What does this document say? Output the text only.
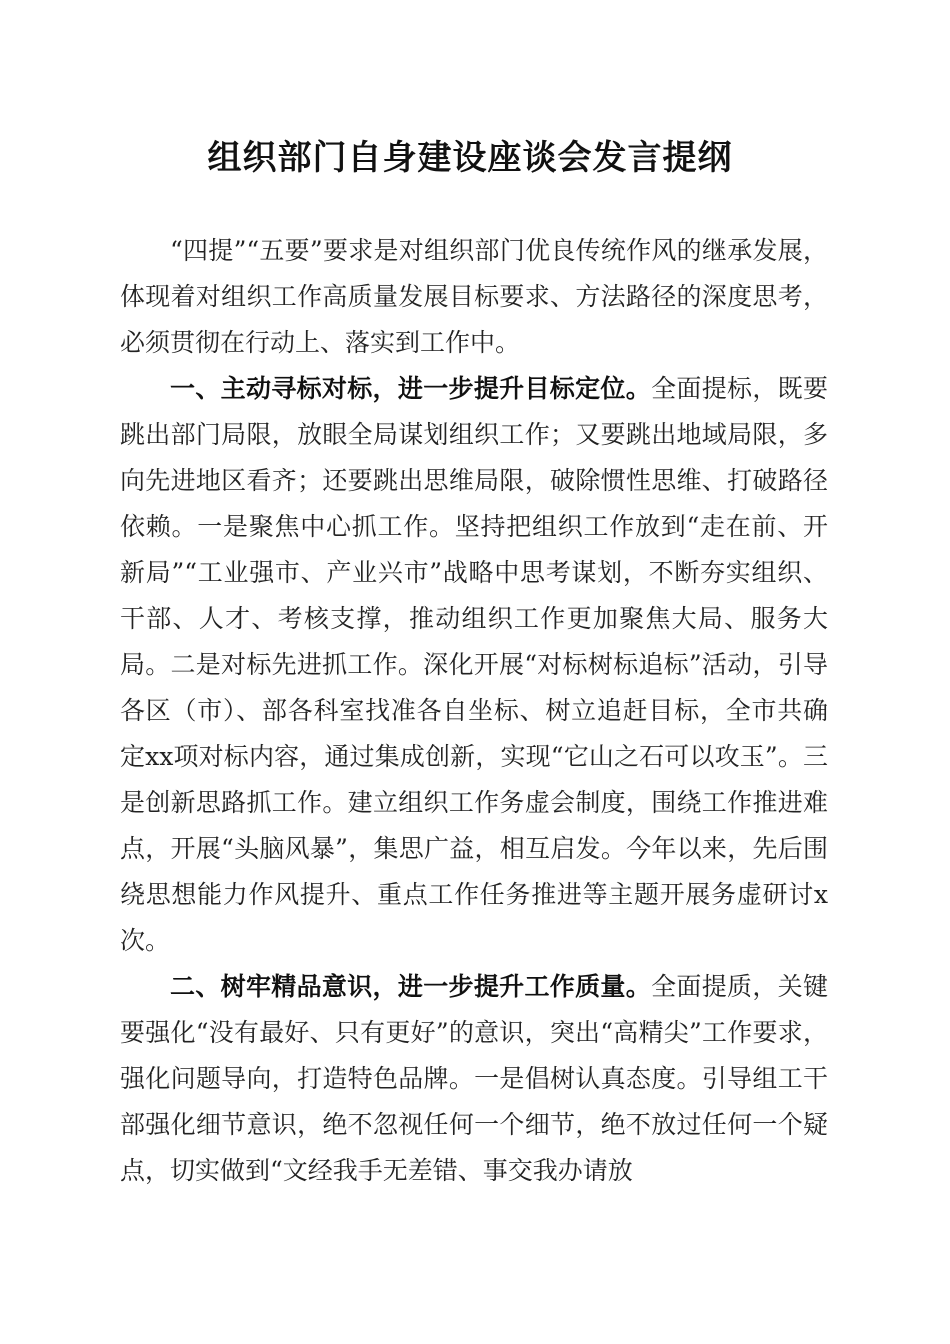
组织部门自身建设座谈会发言提纲

“四提”“五要”要求是对组织部门优良传统作风的继承发展，体现着对组织工作高质量发展目标要求、方法路径的深度思考，必须贯彻在行动上、落实到工作中。

一、主动寻标对标，进一步提升目标定位。全面提标，既要跳出部门局限，放眼全局谋划组织工作；又要跳出地域局限，多向先进地区看齐；还要跳出思维局限，破除惯性思维、打破路径依赖。一是聚焦中心抓工作。坚持把组织工作放到“走在前、开新局”“工业强市、产业兴市”战略中思考谋划，不断夯实组织、干部、人才、考核支撑，推动组织工作更加聚焦大局、服务大局。二是对标先进抓工作。深化开展“对标树标追标”活动，引导各区（市）、部各科室找准各自坐标、树立追赶目标，全市共确定xx项对标内容，通过集成创新，实现“它山之石可以攻玉”。三是创新思路抓工作。建立组织工作务虚会制度，围绕工作推进难点，开展“头脑风暴”，集思广益，相互启发。今年以来，先后围绕思想能力作风提升、重点工作任务推进等主题开展务虚研讨x次。

二、树牢精品意识，进一步提升工作质量。全面提质，关键要强化“没有最好、只有更好”的意识，突出“高精尖”工作要求，强化问题导向，打造特色品牌。一是倡树认真态度。引导组工干部强化细节意识，绝不忽视任何一个细节，绝不放过任何一个疑点，切实做到“文经我手无差错、事交我办请放
